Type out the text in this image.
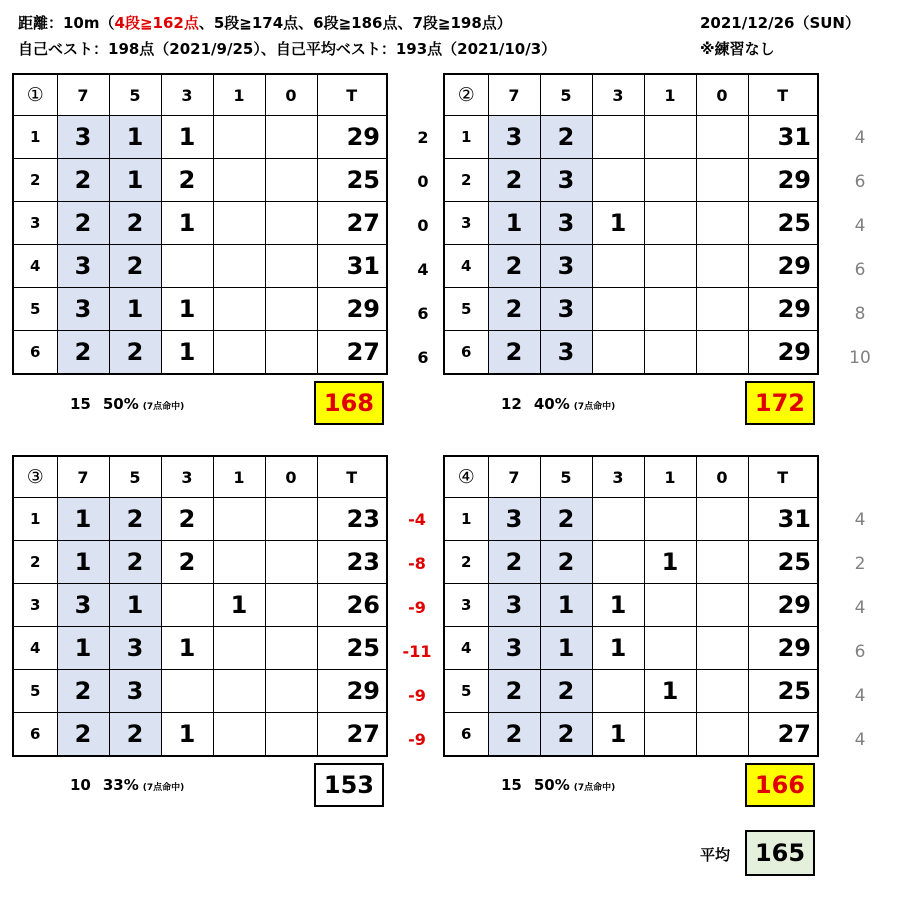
距離：10m（4段≧162点、5段≧174点、6段≧186点、7段≧198点）
自己ベスト：198点（2021/9/25）、自己平均ベスト：193点（2021/10/3）
2021/12/26（SUN）
※練習なし
①	7	5	3	1	0	T
1	3	1	1			29
2	2	1	2			25
3	2	2	1			27
4	3	2				31
5	3	1	1			29
6	2	2	1			27
②	7	5	3	1	0	T
1	3	2				31
2	2	3				29
3	1	3	1			25
4	2	3				29
5	2	3				29
6	2	3				29
③	7	5	3	1	0	T
1	1	2	2			23
2	1	2	2			23
3	3	1		1		26
4	1	3	1			25
5	2	3				29
6	2	2	1			27
④	7	5	3	1	0	T
1	3	2				31
2	2	2		1		25
3	3	1	1			29
4	3	1	1			29
5	2	2		1		25
6	2	2	1			27
2
0
0
4
6
6
4
6
4
6
8
10
-4
-8
-9
-11
-9
-9
4
2
4
6
4
4
15 50% (7点命中)	12 40% (7点命中)
10 33% (7点命中)	15 50% (7点命中)
168	172
153	166
平均	165
